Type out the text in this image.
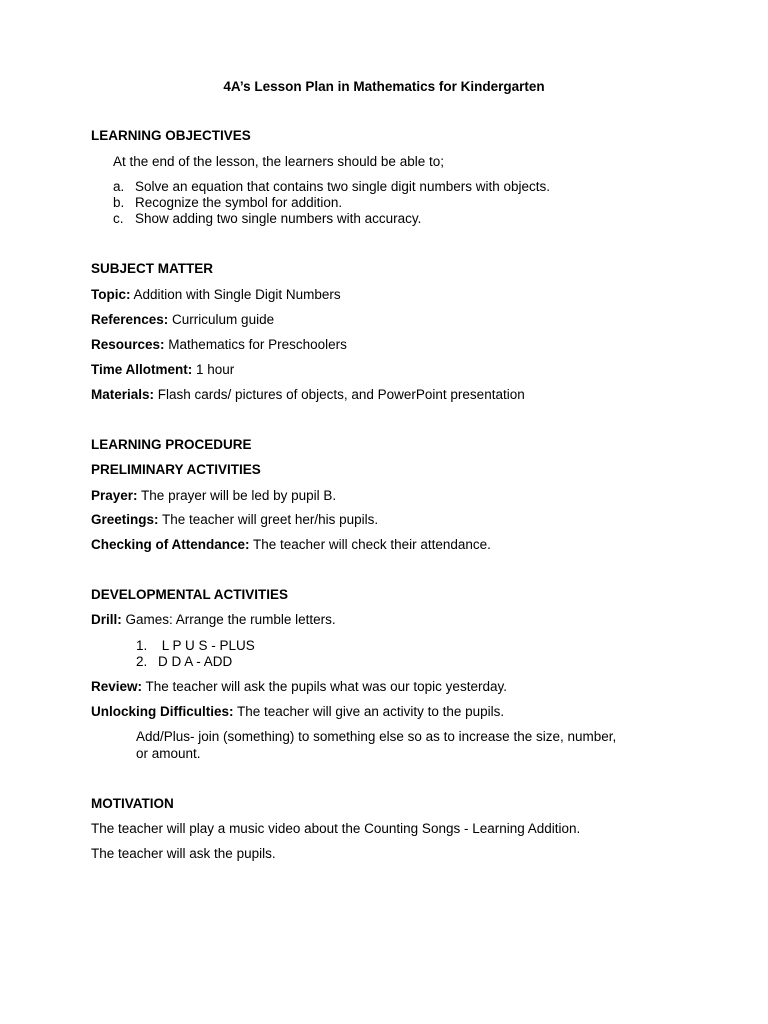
4A’s Lesson Plan in Mathematics for Kindergarten
LEARNING OBJECTIVES
At the end of the lesson, the learners should be able to;
a. Solve an equation that contains two single digit numbers with objects.
b. Recognize the symbol for addition.
c. Show adding two single numbers with accuracy.
SUBJECT MATTER
Topic: Addition with Single Digit Numbers
References: Curriculum guide
Resources: Mathematics for Preschoolers
Time Allotment: 1 hour
Materials: Flash cards/ pictures of objects, and PowerPoint presentation
LEARNING PROCEDURE
PRELIMINARY ACTIVITIES
Prayer: The prayer will be led by pupil B.
Greetings: The teacher will greet her/his pupils.
Checking of Attendance: The teacher will check their attendance.
DEVELOPMENTAL ACTIVITIES
Drill: Games: Arrange the rumble letters.
1. L P U S - PLUS
2. D D A - ADD
Review: The teacher will ask the pupils what was our topic yesterday.
Unlocking Difficulties: The teacher will give an activity to the pupils.
Add/Plus- join (something) to something else so as to increase the size, number,
or amount.
MOTIVATION
The teacher will play a music video about the Counting Songs - Learning Addition.
The teacher will ask the pupils.
